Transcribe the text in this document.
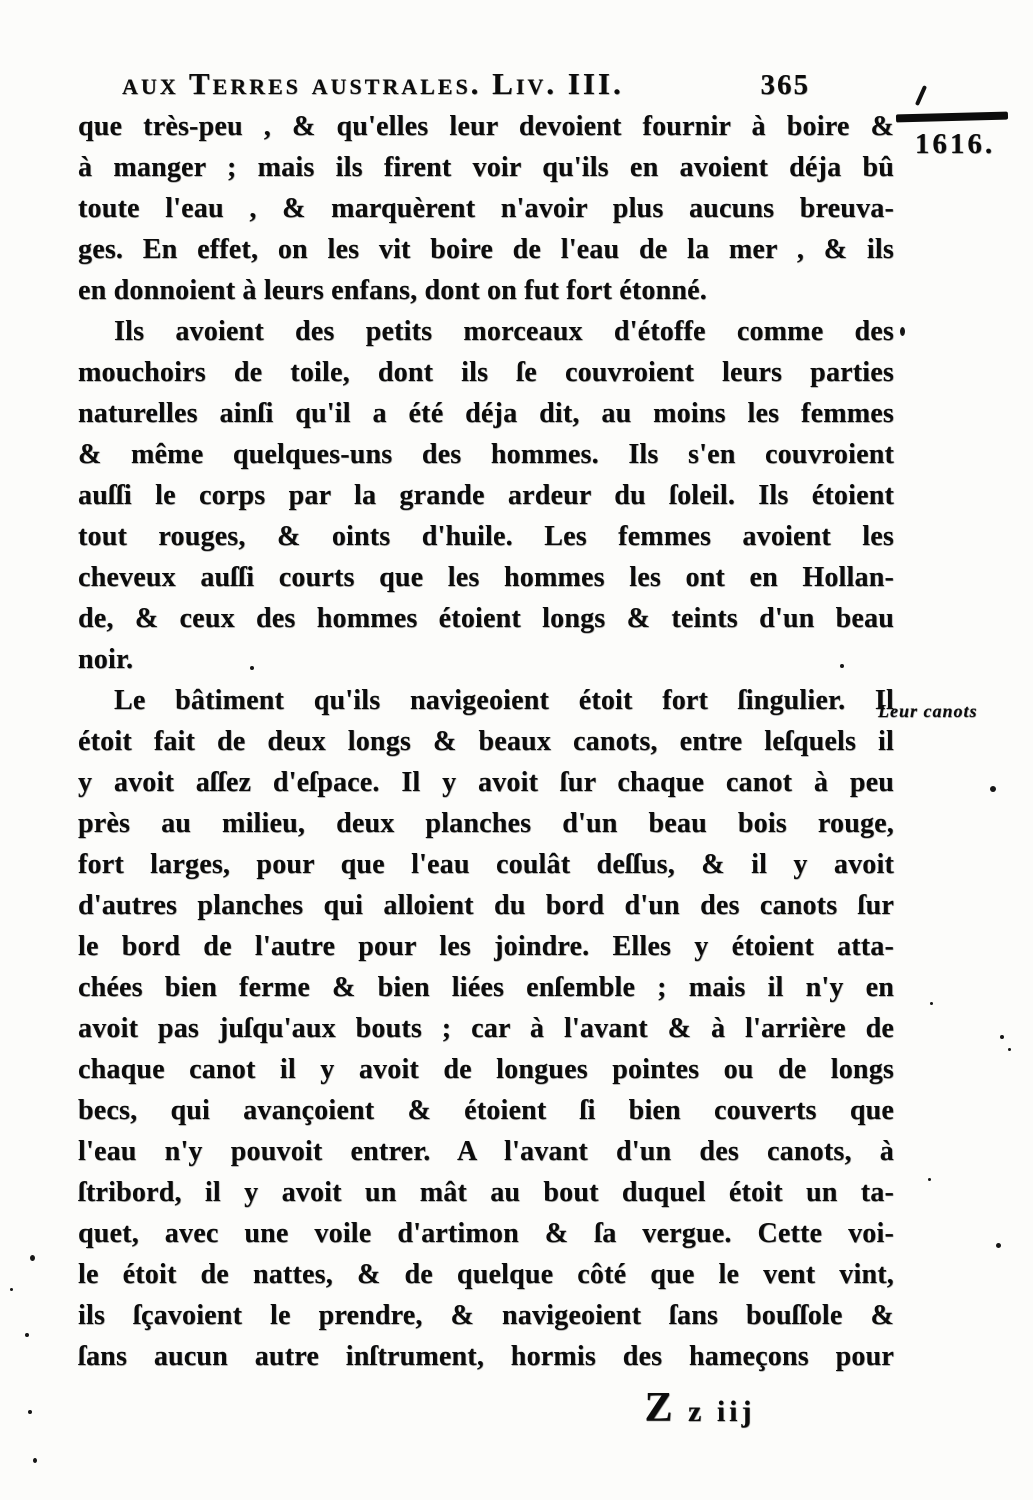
aux Terres australes. Liv. III.	365
1616.
Leur canots
que très-peu , & qu'elles leur devoient fournir à boire &
à manger ; mais ils firent voir qu'ils en avoient déja bû
toute l'eau , & marquèrent n'avoir plus aucuns breuva-
ges. En effet, on les vit boire de l'eau de la mer , & ils
en donnoient à leurs enfans, dont on fut fort étonné.
Ils avoient des petits morceaux d'étoffe comme des
mouchoirs de toile, dont ils ſe couvroient leurs parties
naturelles ainſi qu'il a été déja dit, au moins les femmes
& même quelques-uns des hommes. Ils s'en couvroient
auſſi le corps par la grande ardeur du ſoleil. Ils étoient
tout rouges, & oints d'huile. Les femmes avoient les
cheveux auſſi courts que les hommes les ont en Hollan-
de, & ceux des hommes étoient longs & teints d'un beau
noir.
Le bâtiment qu'ils navigeoient étoit fort ſingulier. Il
étoit fait de deux longs & beaux canots, entre leſquels il
y avoit aſſez d'eſpace. Il y avoit ſur chaque canot à peu
près au milieu, deux planches d'un beau bois rouge,
fort larges, pour que l'eau coulât deſſus, & il y avoit
d'autres planches qui alloient du bord d'un des canots ſur
le bord de l'autre pour les joindre. Elles y étoient atta-
chées bien ferme & bien liées enſemble ; mais il n'y en
avoit pas juſqu'aux bouts ; car à l'avant & à l'arrière de
chaque canot il y avoit de longues pointes ou de longs
becs, qui avançoient & étoient ſi bien couverts que
l'eau n'y pouvoit entrer. A l'avant d'un des canots, à
ſtribord, il y avoit un mât au bout duquel étoit un ta-
quet, avec une voile d'artimon & ſa vergue. Cette voi-
le étoit de nattes, & de quelque côté que le vent vint,
ils ſçavoient le prendre, & navigeoient ſans bouſſole &
ſans aucun autre inſtrument, hormis des hameçons pour
Z z iij
